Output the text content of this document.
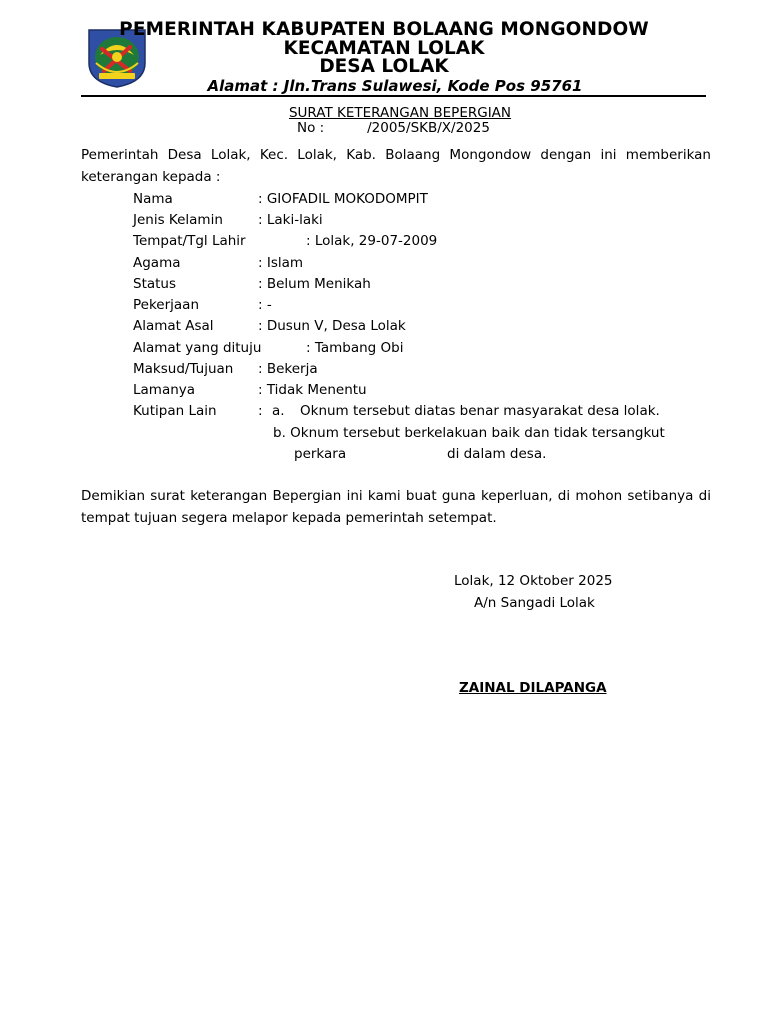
PEMERINTAH KABUPATEN BOLAANG MONGONDOW
KECAMATAN LOLAK
DESA LOLAK
Alamat : Jln.Trans Sulawesi, Kode Pos 95761
SURAT KETERANGAN BEPERGIAN
No :          /2005/SKB/X/2025
Pemerintah Desa Lolak, Kec. Lolak, Kab. Bolaang Mongondow dengan ini memberikan keterangan kepada :
Nama	: GIOFADIL MOKODOMPIT
Jenis Kelamin	: Laki-laki
Tempat/Tgl Lahir	: Lolak, 29-07-2009
Agama	: Islam
Status	: Belum Menikah
Pekerjaan	: -
Alamat Asal	: Dusun V, Desa Lolak
Alamat yang dituju	: Tambang Obi
Maksud/Tujuan : Bekerja
Lamanya	: Tidak Menentu
Kutipan Lain	: a. Oknum tersebut diatas benar masyarakat desa lolak.
b. Oknum tersebut berkelakuan baik dan tidak tersangkut
perkara	di dalam desa.
Demikian surat keterangan Bepergian ini kami buat guna keperluan, di mohon setibanya di tempat tujuan segera melapor kepada pemerintah setempat.
Lolak, 12 Oktober 2025
A/n Sangadi Lolak
ZAINAL DILAPANGA
